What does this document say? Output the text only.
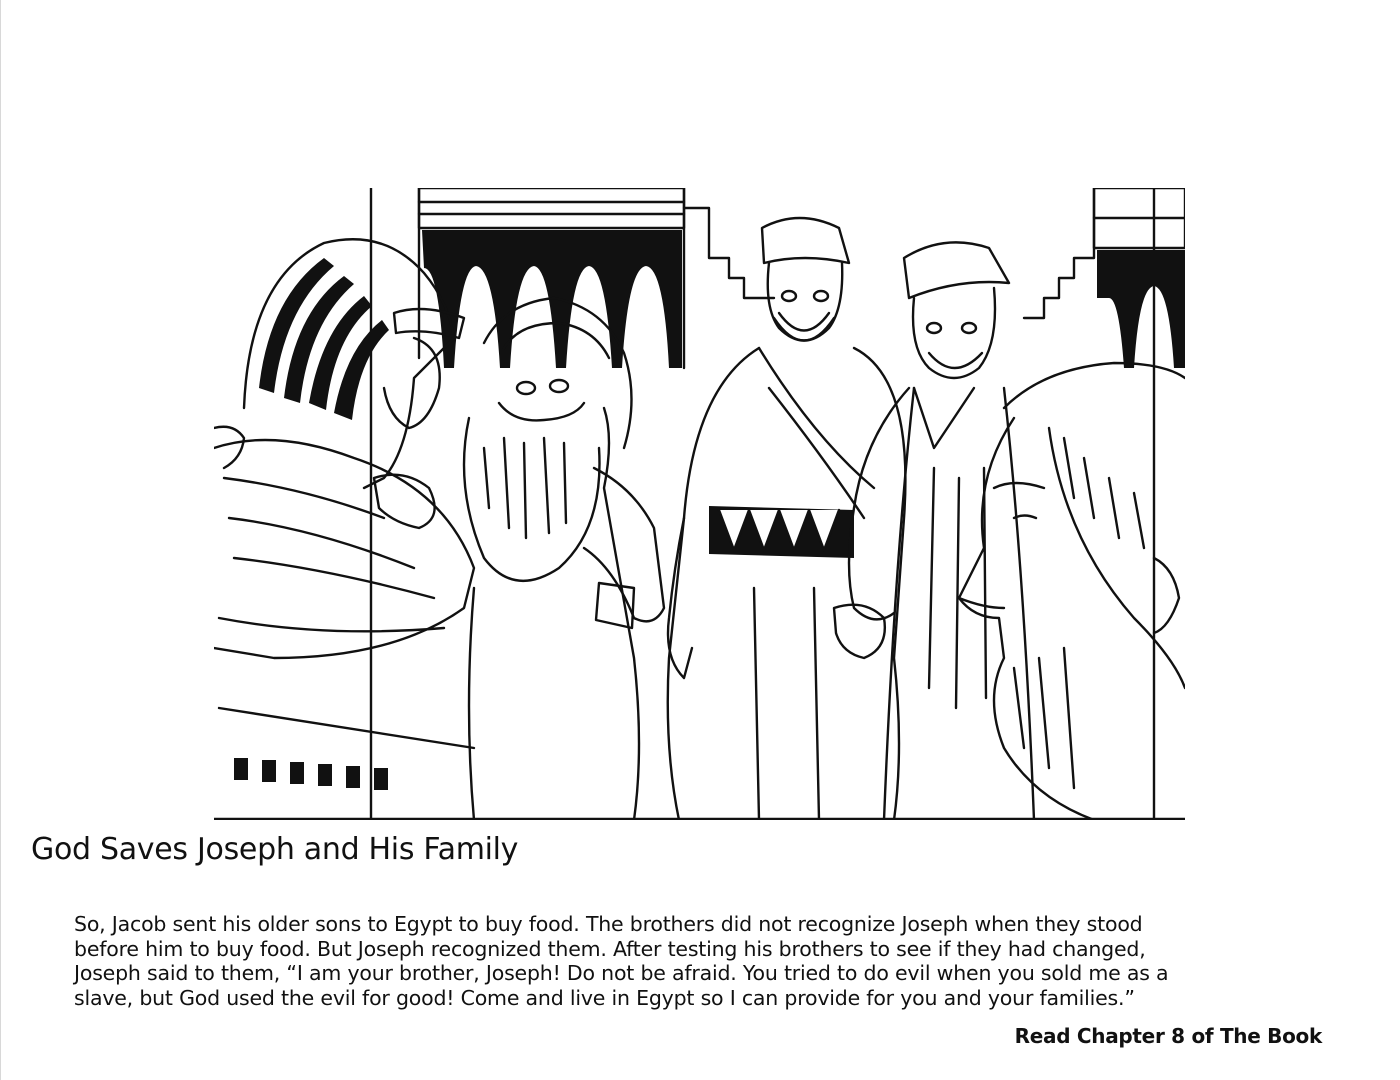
God Saves Joseph and His Family
So, Jacob sent his older sons to Egypt to buy food. The brothers did not recognize Joseph when they stood
before him to buy food. But Joseph recognized them. After testing his brothers to see if they had changed,
Joseph said to them, “I am your brother, Joseph! Do not be afraid. You tried to do evil when you sold me as a
slave, but God used the evil for good! Come and live in Egypt so I can provide for you and your families.”
Read Chapter 8 of The Book
